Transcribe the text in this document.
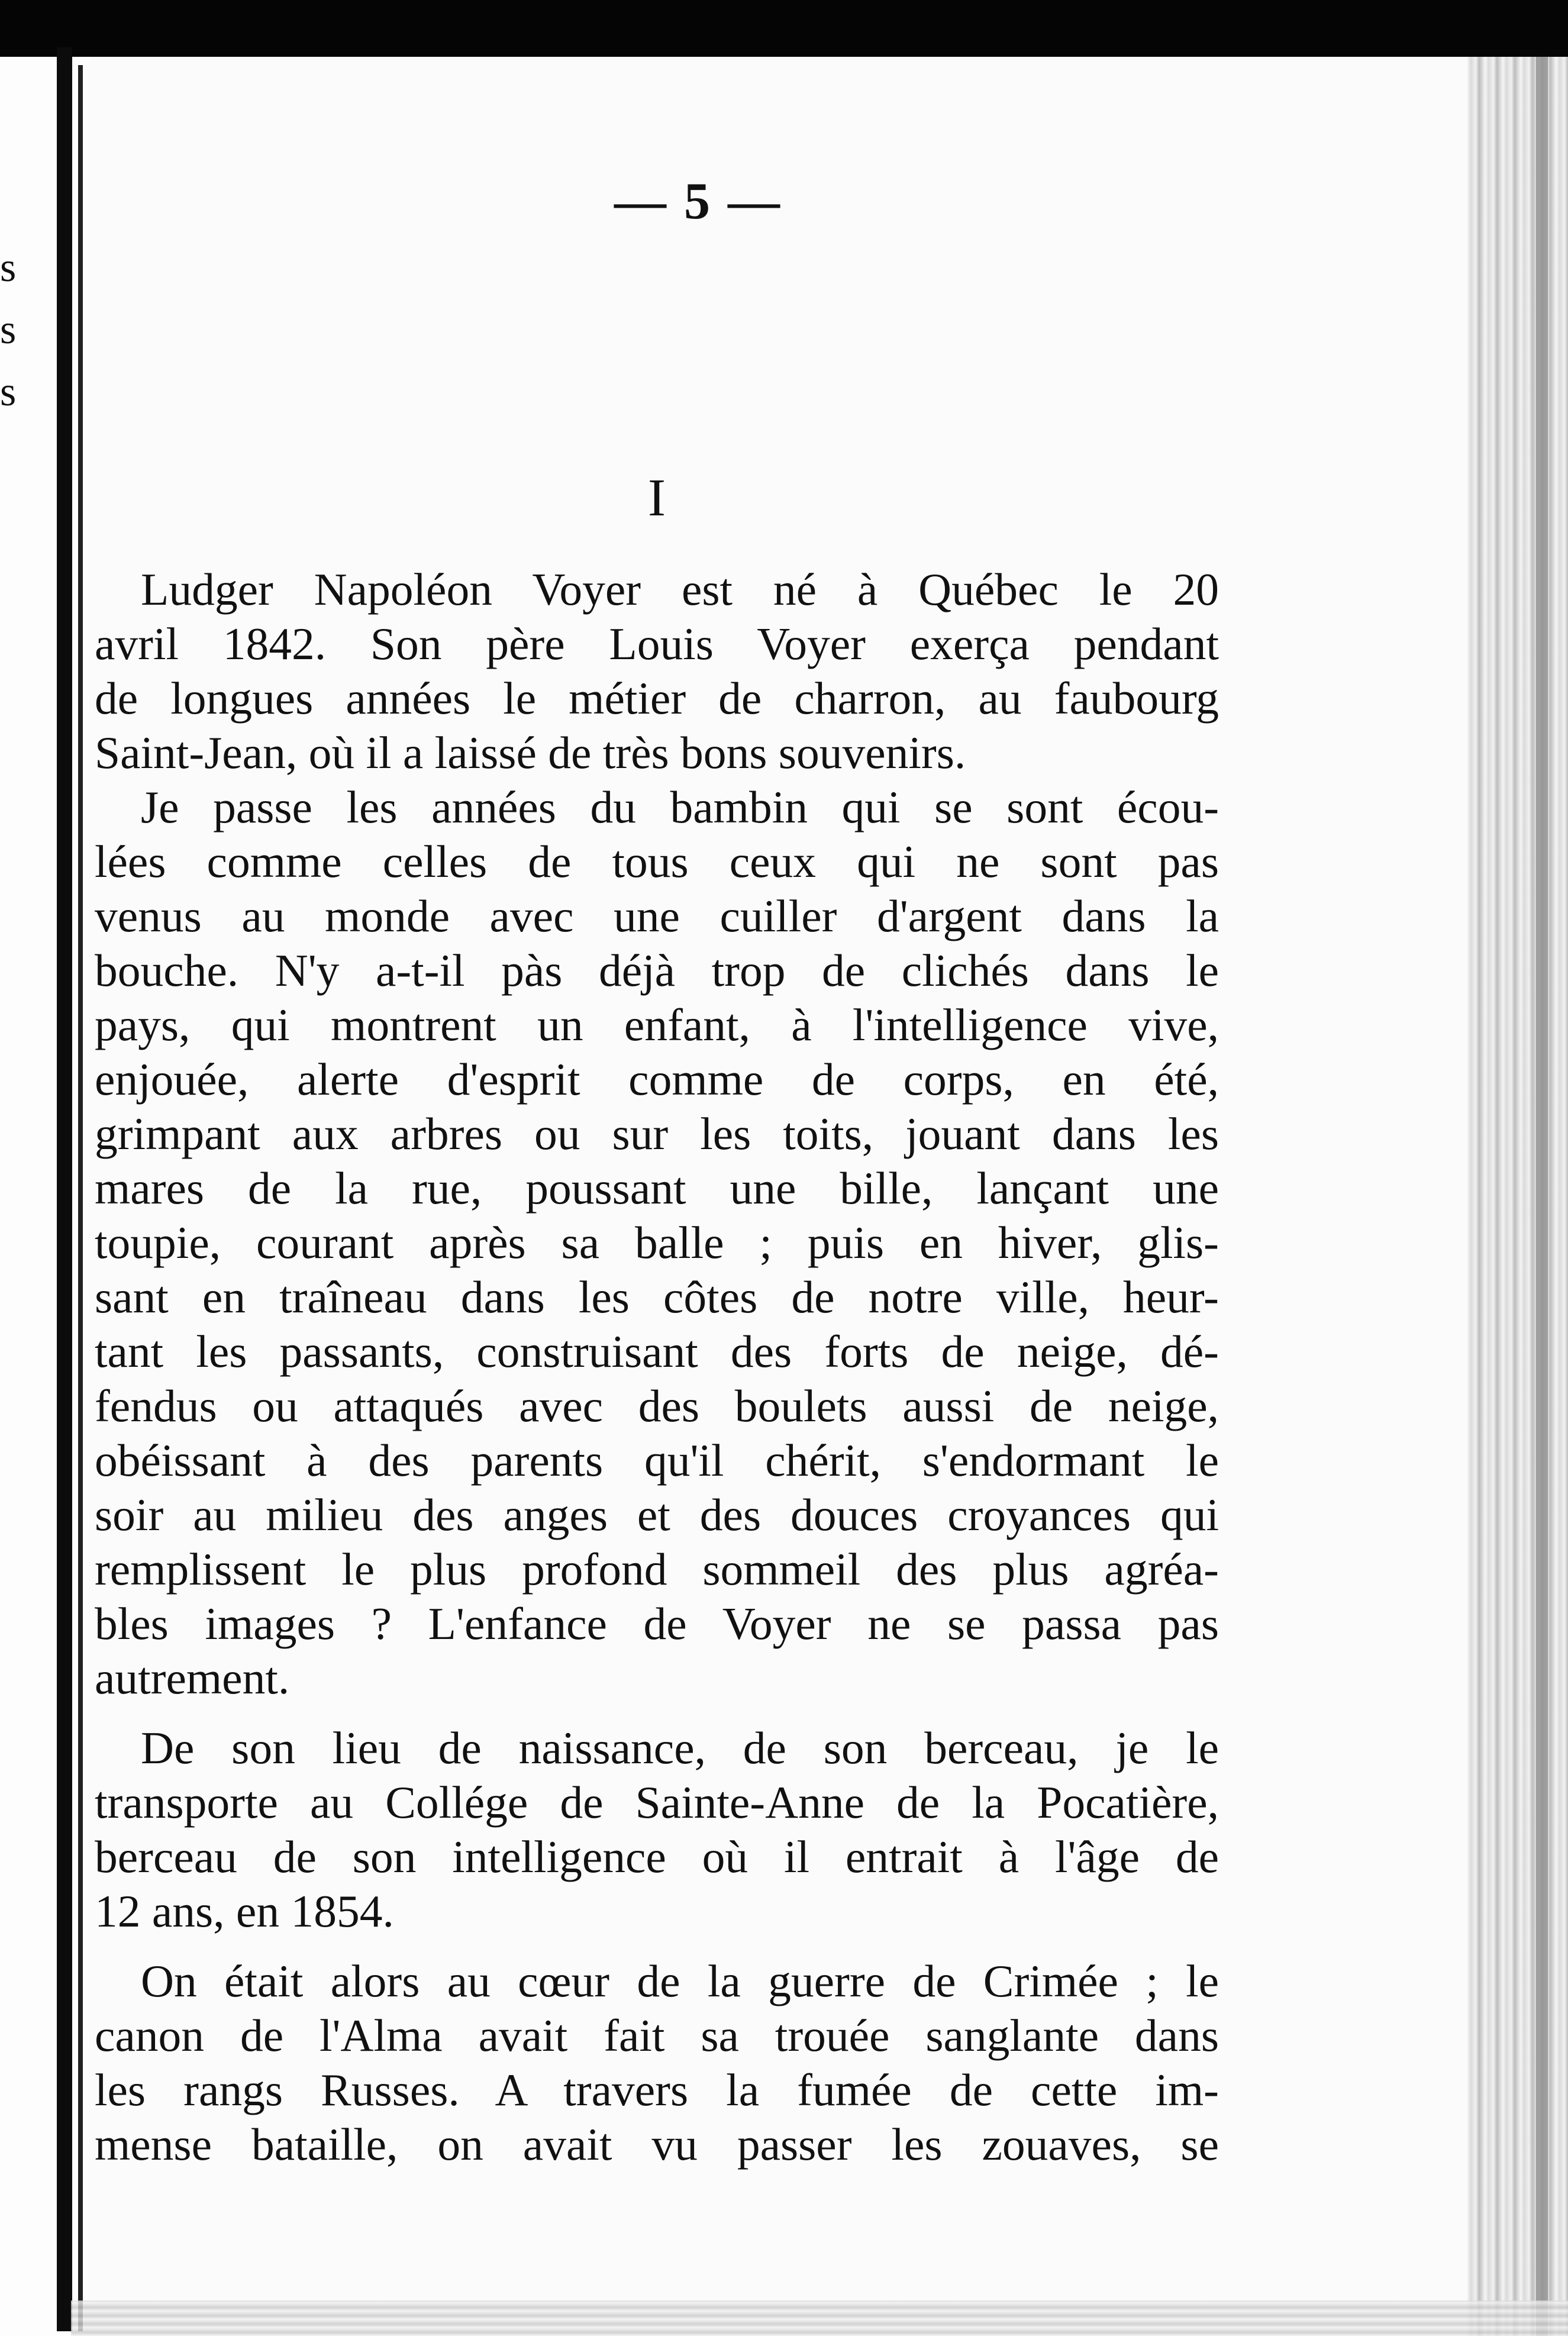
s
s
s
— 5 —
I

Ludger Napoléon Voyer est né à Québec le 20
avril 1842. Son père Louis Voyer exerça pendant
de longues années le métier de charron, au faubourg
Saint-Jean, où il a laissé de très bons souvenirs.

Je passe les années du bambin qui se sont écou-
lées comme celles de tous ceux qui ne sont pas
venus au monde avec une cuiller d'argent dans la
bouche. N'y a-t-il pàs déjà trop de clichés dans le
pays, qui montrent un enfant, à l'intelligence vive,
enjouée, alerte d'esprit comme de corps, en été,
grimpant aux arbres ou sur les toits, jouant dans les
mares de la rue, poussant une bille, lançant une
toupie, courant après sa balle ; puis en hiver, glis-
sant en traîneau dans les côtes de notre ville, heur-
tant les passants, construisant des forts de neige, dé-
fendus ou attaqués avec des boulets aussi de neige,
obéissant à des parents qu'il chérit, s'endormant le
soir au milieu des anges et des douces croyances qui
remplissent le plus profond sommeil des plus agréa-
bles images ? L'enfance de Voyer ne se passa pas
autrement.

De son lieu de naissance, de son berceau, je le
transporte au Collége de Sainte-Anne de la Pocatière,
berceau de son intelligence où il entrait à l'âge de
12 ans, en 1854.

On était alors au cœur de la guerre de Crimée ; le
canon de l'Alma avait fait sa trouée sanglante dans
les rangs Russes. A travers la fumée de cette im-
mense bataille, on avait vu passer les zouaves, se
